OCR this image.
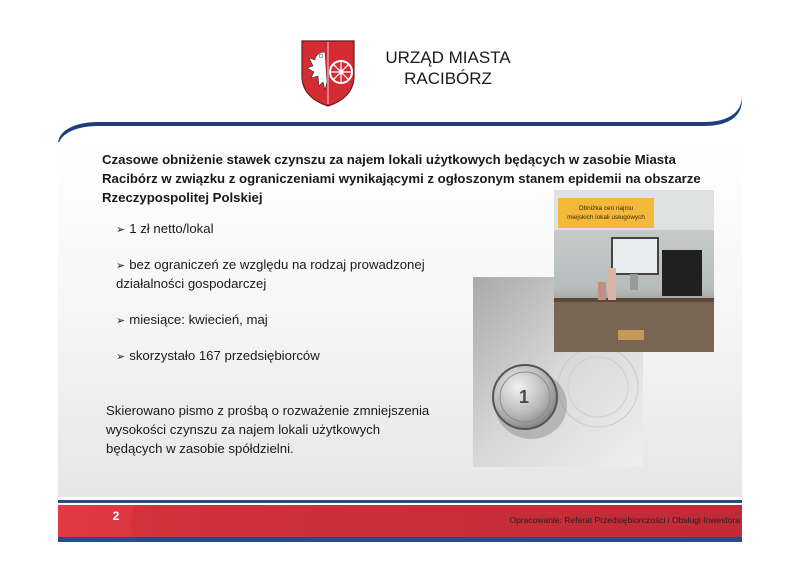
URZĄD MIASTA
RACIBÓRZ
Czasowe obniżenie stawek czynszu za najem lokali użytkowych będących w zasobie Miasta Racibórz w związku z ograniczeniami wynikającymi z ogłoszonym stanem epidemii na obszarze Rzeczypospolitej Polskiej
1
Obniżka cen najmu
miejskich lokali usługowych
➢ 1 zł netto/lokal
➢ bez ograniczeń ze względu na rodzaj prowadzonej
działalności gospodarczej
➢ miesiące: kwiecień, maj
➢ skorzystało 167 przedsiębiorców
Skierowano pismo z prośbą o rozważenie zmniejszenia
wysokości czynszu za najem lokali użytkowych
będących w zasobie spółdzielni.
2	Opracowanie: Referat Przedsiębiorczości i Obsługi Inwestora
